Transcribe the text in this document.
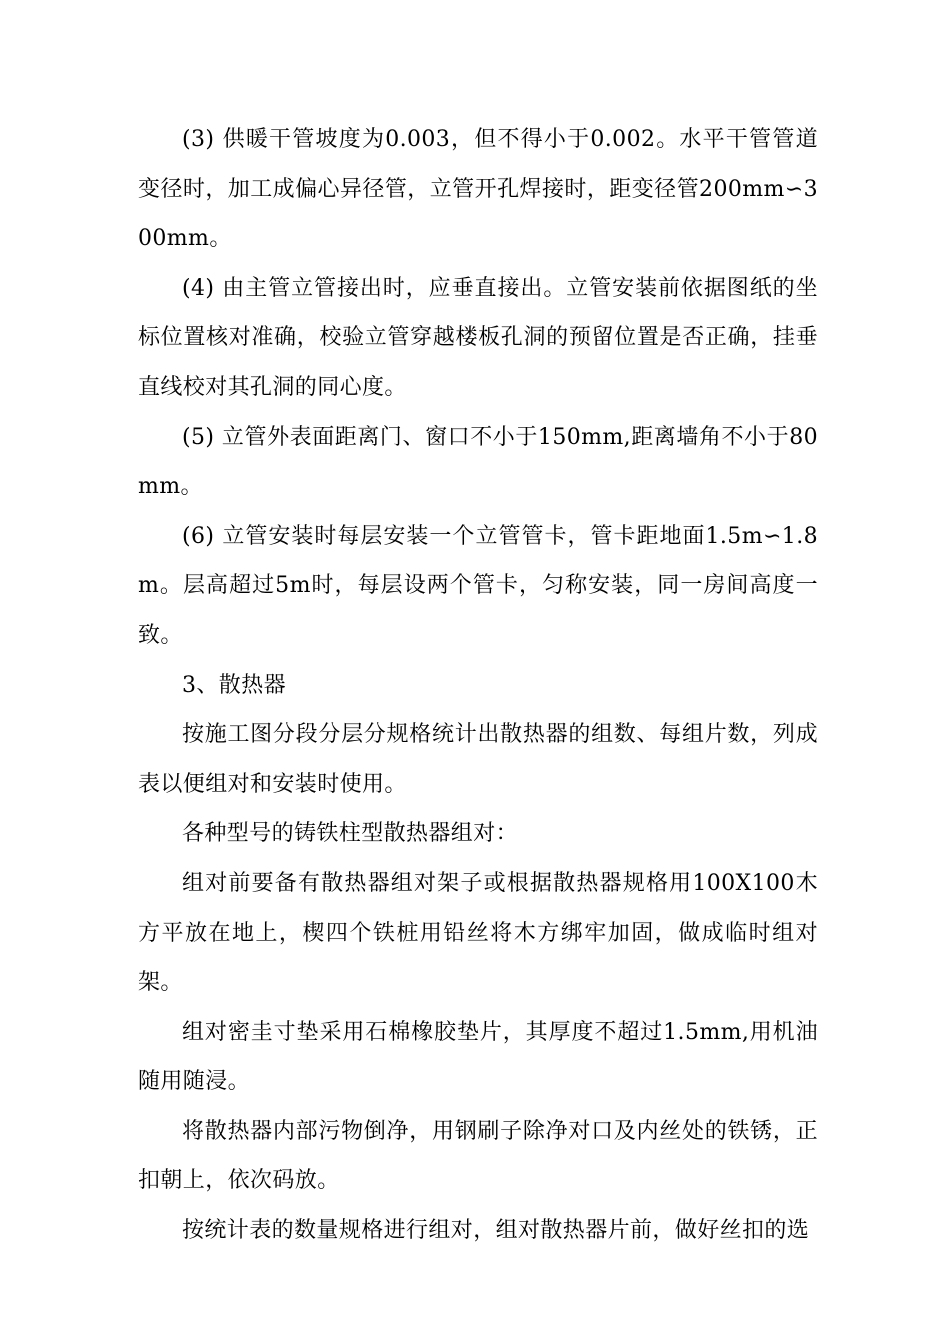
(3) 供暖干管坡度为0.003，但不得小于0.002。水平干管管道变径时，加工成偏心异径管，立管开孔焊接时，距变径管200mm∽300mm。

(4) 由主管立管接出时，应垂直接出。立管安装前依据图纸的坐标位置核对准确，校验立管穿越楼板孔洞的预留位置是否正确，挂垂直线校对其孔洞的同心度。

(5) 立管外表面距离门、窗口不小于150mm,距离墙角不小于80mm。

(6) 立管安装时每层安装一个立管管卡，管卡距地面1.5m∽1.8m。层高超过5m时，每层设两个管卡，匀称安装，同一房间高度一致。

3、散热器

按施工图分段分层分规格统计出散热器的组数、每组片数，列成表以便组对和安装时使用。

各种型号的铸铁柱型散热器组对：

组对前要备有散热器组对架子或根据散热器规格用100X100木方平放在地上，楔四个铁桩用铅丝将木方绑牢加固，做成临时组对架。

组对密圭寸垫采用石棉橡胶垫片，其厚度不超过1.5mm,用机油随用随浸。

将散热器内部污物倒净，用钢刷子除净对口及内丝处的铁锈，正扣朝上，依次码放。

按统计表的数量规格进行组对，组对散热器片前，做好丝扣的选
